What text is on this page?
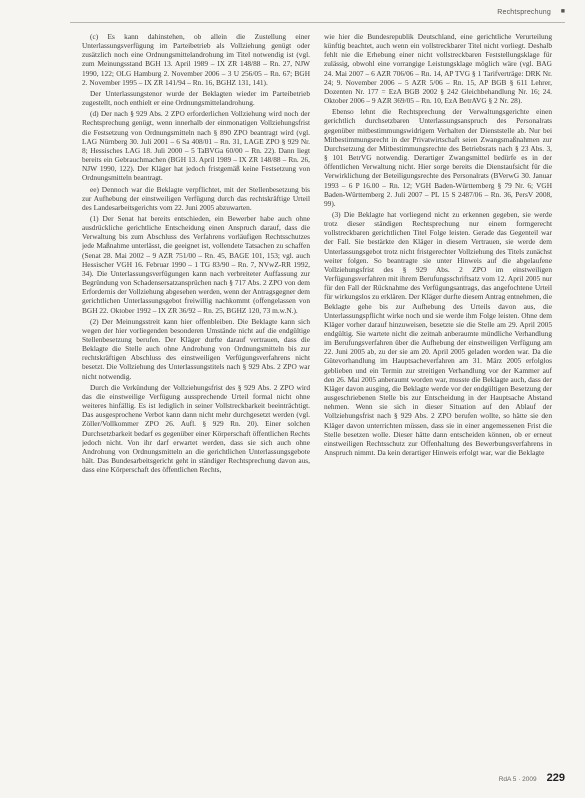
Rechtsprechung ■

(c) Es kann dahinstehen, ob allein die Zustellung einer Unterlassungsverfügung im Parteibetrieb als Vollziehung genügt oder zusätzlich noch eine Ordnungsmittelandrohung im Titel notwendig ist (vgl. zum Meinungsstand BGH 13. April 1989 – IX ZR 148/88 – Rn. 27, NJW 1990, 122; OLG Hamburg 2. November 2006 – 3 U 256/05 – Rn. 67; BGH 2. November 1995 – IX ZR 141/94 – Rn. 16, BGHZ 131, 141).

Der Unterlassungstenor wurde der Beklagten wieder im Parteibetrieb zugestellt, noch enthielt er eine Ordnungsmittelandrohung.

(d) Der nach § 929 Abs. 2 ZPO erforderlichen Vollziehung wird noch der Rechtsprechung genügt, wenn innerhalb der einmonatigen Vollziehungsfrist die Festsetzung von Ordnungsmitteln nach § 890 ZPO beantragt wird (vgl. LAG Nürnberg 30. Juli 2001 – 6 Sa 408/01 – Rn. 31, LAGE ZPO § 929 Nr. 8; Hessisches LAG 18. Juli 2000 – 5 TaBVGa 60/00 – Rn. 22). Dann liegt bereits ein Gebrauchmachen (BGH 13. April 1989 – IX ZR 148/88 – Rn. 26, NJW 1990, 122). Der Kläger hat jedoch fristgemäß keine Festsetzung von Ordnungsmitteln beantragt.

ee) Dennoch war die Beklagte verpflichtet, mit der Stellenbesetzung bis zur Aufhebung der einstweiligen Verfügung durch das rechtskräftige Urteil des Landesarbeitsgerichts vom 22. Juni 2005 abzuwarten.

(1) Der Senat hat bereits entschieden, ein Bewerber habe auch ohne ausdrückliche gerichtliche Entscheidung einen Anspruch darauf, dass die Verwaltung bis zum Abschluss des Verfahrens vorläufigen Rechtsschutzes jede Maßnahme unterlässt, die geeignet ist, vollendete Tatsachen zu schaffen (Senat 28. Mai 2002 – 9 AZR 751/00 – Rn. 45, BAGE 101, 153; vgl. auch Hessischer VGH 16. Februar 1990 – 1 TG 83/90 – Rn. 7, NVwZ-RR 1992, 34). Die Unterlassungsverfügungen kann nach verbreiteter Auffassung zur Begründung von Schadensersatzansprüchen nach § 717 Abs. 2 ZPO von dem Erfordernis der Vollziehung abgesehen werden, wenn der Antragsgegner dem gerichtlichen Unterlassungsgebot freiwillig nachkommt (offengelassen von BGH 22. Oktober 1992 – IX ZR 36/92 – Rn. 25, BGHZ 120, 73 m.w.N.).

(2) Der Meinungsstreit kann hier offenbleiben. Die Beklagte kann sich wegen der hier vorliegenden besonderen Umstände nicht auf die endgültige Stellenbesetzung berufen. Der Kläger durfte darauf vertrauen, dass die Beklagte die Stelle auch ohne Androhung von Ordnungsmitteln bis zur rechtskräftigen Abschluss des einstweiligen Verfügungsverfahrens nicht besetzt. Die Vollziehung des Unterlassungstitels nach § 929 Abs. 2 ZPO war nicht notwendig.

Durch die Verkündung der Vollziehungsfrist des § 929 Abs. 2 ZPO wird das die einstweilige Verfügung aussprechende Urteil formal nicht ohne weiteres hinfällig. Es ist lediglich in seiner Vollstreckbarkeit beeinträchtigt. Das ausgesprochene Verbot kann dann nicht mehr durchgesetzt werden (vgl. Zöller/Vollkommer ZPO 26. Aufl. § 929 Rn. 20). Einer solchen Durchsetzbarkeit bedarf es gegenüber einer Körperschaft öffentlichen Rechts jedoch nicht. Von ihr darf erwartet werden, dass sie sich auch ohne Androhung von Ordnungsmitteln an die gerichtlichen Unterlassungsgebote hält. Das Bundesarbeitsgericht geht in ständiger Rechtsprechung davon aus, dass eine Körperschaft des öffentlichen Rechts,

wie hier die Bundesrepublik Deutschland, eine gerichtliche Verurteilung künftig beachtet, auch wenn ein vollstreckbarer Titel nicht vorliegt. Deshalb fehlt nie die Erhebung einer nicht vollstreckbaren Feststellungsklage für zulässig, obwohl eine vorrangige Leistungsklage möglich wäre (vgl. BAG 24. Mai 2007 – 6 AZR 706/06 – Rn. 14, AP TVG § 1 Tarifverträge: DRK Nr. 24; 9. November 2006 – 5 AZR 5/06 – Rn. 15, AP BGB § 611 Lehrer, Dozenten Nr. 177 = EzA BGB 2002 § 242 Gleichbehandlung Nr. 16; 24. Oktober 2006 – 9 AZR 369/05 – Rn. 10, EzA BetrAVG § 2 Nr. 28).

Ebenso lehnt die Rechtsprechung der Verwaltungsgerichte einen gerichtlich durchsetzbaren Unterlassungsanspruch des Personalrats gegenüber mitbestimmungswidrigem Verhalten der Dienststelle ab. Nur bei Mitbestimmungsrecht in der Privatwirtschaft seien Zwangsmaßnahmen zur Durchsetzung der Mitbestimmungsrechte des Betriebsrats nach § 23 Abs. 3, § 101 BetrVG notwendig. Derartiger Zwangsmittel bedürfe es in der öffentlichen Verwaltung nicht. Hier sorge bereits die Dienstaufsicht für die Verwirklichung der Beteiligungsrechte des Personalrats (BVerwG 30. Januar 1993 – 6 P 16.00 – Rn. 12; VGH Baden-Württemberg § 79 Nr. 6; VGH Baden-Württemberg 2. Juli 2007 – PL 15 S 2487/06 – Rn. 36, PersV 2008, 99).

(3) Die Beklagte hat vorliegend nicht zu erkennen gegeben, sie werde trotz dieser ständigen Rechtsprechung nur einem formgerecht vollstreckbaren gerichtlichen Titel Folge leisten. Gerade das Gegenteil war der Fall. Sie bestärkte den Kläger in diesem Vertrauen, sie werde dem Unterlassungsgebot trotz nicht fristgerechter Vollziehung des Titels zunächst weiter folgen. So beantragte sie unter Hinweis auf die abgelaufene Vollziehungsfrist des § 929 Abs. 2 ZPO im einstweiligen Verfügungsverfahren mit ihrem Berufungsschriftsatz vom 12. April 2005 nur für den Fall der Rücknahme des Verfügungsantrags, das angefochtene Urteil für wirkungslos zu erklären. Der Kläger durfte diesem Antrag entnehmen, die Beklagte gehe bis zur Aufhebung des Urteils davon aus, die Unterlassungspflicht wirke noch und sie werde ihm Folge leisten. Ohne dem Kläger vorher darauf hinzuweisen, besetzte sie die Stelle am 29. April 2005 endgültig. Sie wartete nicht die zeitnah anberaumte mündliche Verhandlung im Berufungsverfahren über die Aufhebung der einstweiligen Verfügung am 22. Juni 2005 ab, zu der sie am 20. April 2005 geladen worden war. Da die Gütevorhandlung im Hauptsacheverfahren am 31. März 2005 erfolglos geblieben und ein Termin zur streitigen Verhandlung vor der Kammer auf den 26. Mai 2005 anberaumt worden war, musste die Beklagte auch, dass der Kläger davon ausging, die Beklagte werde vor der endgültigen Besetzung der ausgeschriebenen Stelle bis zur Entscheidung in der Hauptsache Abstand nehmen. Wenn sie sich in dieser Situation auf den Ablauf der Vollziehungsfrist nach § 929 Abs. 2 ZPO berufen wollte, so hätte sie den Kläger davon unterrichten müssen, dass sie in einer angemessenen Frist die Stelle besetzen wolle. Dieser hätte dann entscheiden können, ob er erneut einstweiligen Rechtsschutz zur Offenhaltung des Bewerbungsverfahrens in Anspruch nimmt. Da kein derartiger Hinweis erfolgt war, war die Beklagte

RdA 5 · 2009 229
